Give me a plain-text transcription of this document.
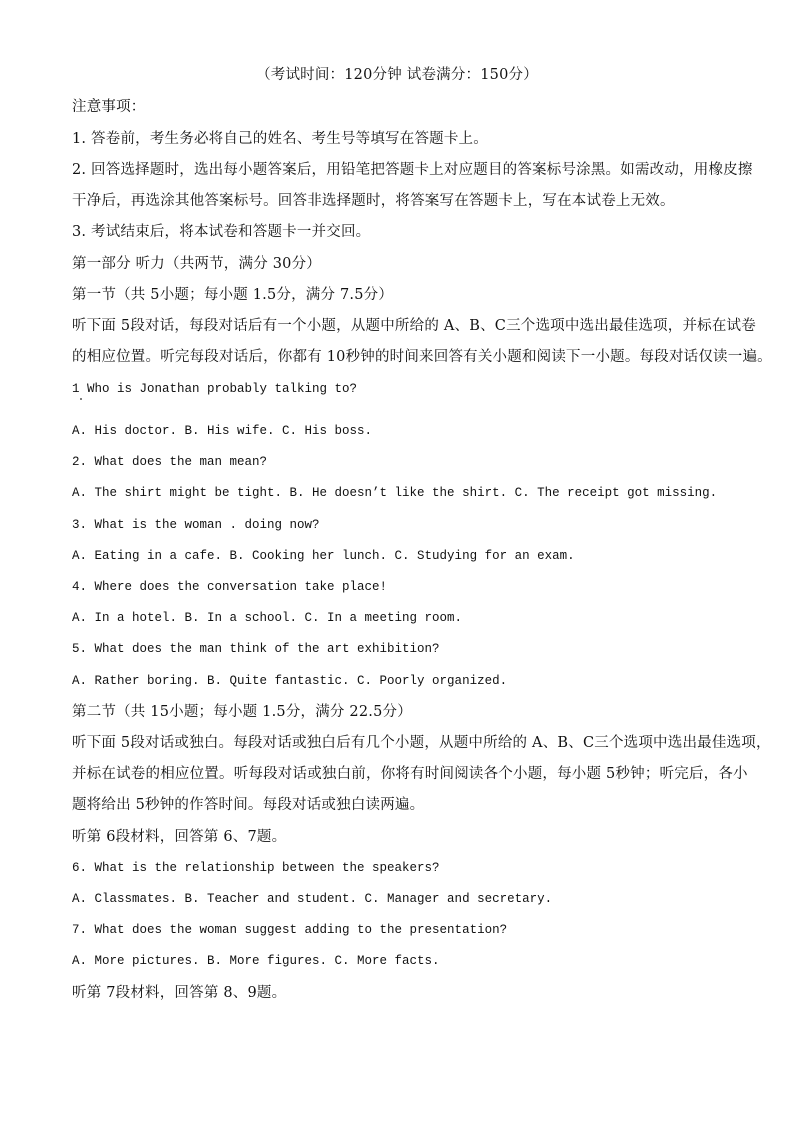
（考试时间：120分钟 试卷满分：150分）
注意事项：
1. 答卷前，考生务必将自己的姓名、考生号等填写在答题卡上。
2. 回答选择题时，选出每小题答案后，用铅笔把答题卡上对应题目的答案标号涂黑。如需改动，用橡皮擦
干净后，再选涂其他答案标号。回答非选择题时，将答案写在答题卡上，写在本试卷上无效。
3. 考试结束后，将本试卷和答题卡一并交回。
第一部分 听力（共两节，满分 30分）
第一节（共 5小题；每小题 1.5分，满分 7.5分）
听下面 5段对话，每段对话后有一个小题，从题中所给的 A、B、C三个选项中选出最佳选项，并标在试卷
的相应位置。听完每段对话后，你都有 10秒钟的时间来回答有关小题和阅读下一小题。每段对话仅读一遍。
1 Who is Jonathan probably talking to?
A. His doctor. B. His wife. C. His boss.
2. What does the man mean?
A. The shirt might be tight. B. He doesn’t like the shirt. C. The receipt got missing.
3. What is the woman . doing now?
A. Eating in a cafe. B. Cooking her lunch. C. Studying for an exam.
4. Where does the conversation take place!
A. In a hotel. B. In a school. C. In a meeting room.
5. What does the man think of the art exhibition?
A. Rather boring. B. Quite fantastic. C. Poorly organized.
第二节（共 15小题；每小题 1.5分，满分 22.5分）
听下面 5段对话或独白。每段对话或独白后有几个小题，从题中所给的 A、B、C三个选项中选出最佳选项，
并标在试卷的相应位置。听每段对话或独白前，你将有时间阅读各个小题，每小题 5秒钟；听完后，各小
题将给出 5秒钟的作答时间。每段对话或独白读两遍。
听第 6段材料，回答第 6、7题。
6. What is the relationship between the speakers?
A. Classmates. B. Teacher and student. C. Manager and secretary.
7. What does the woman suggest adding to the presentation?
A. More pictures. B. More figures. C. More facts.
听第 7段材料，回答第 8、9题。
